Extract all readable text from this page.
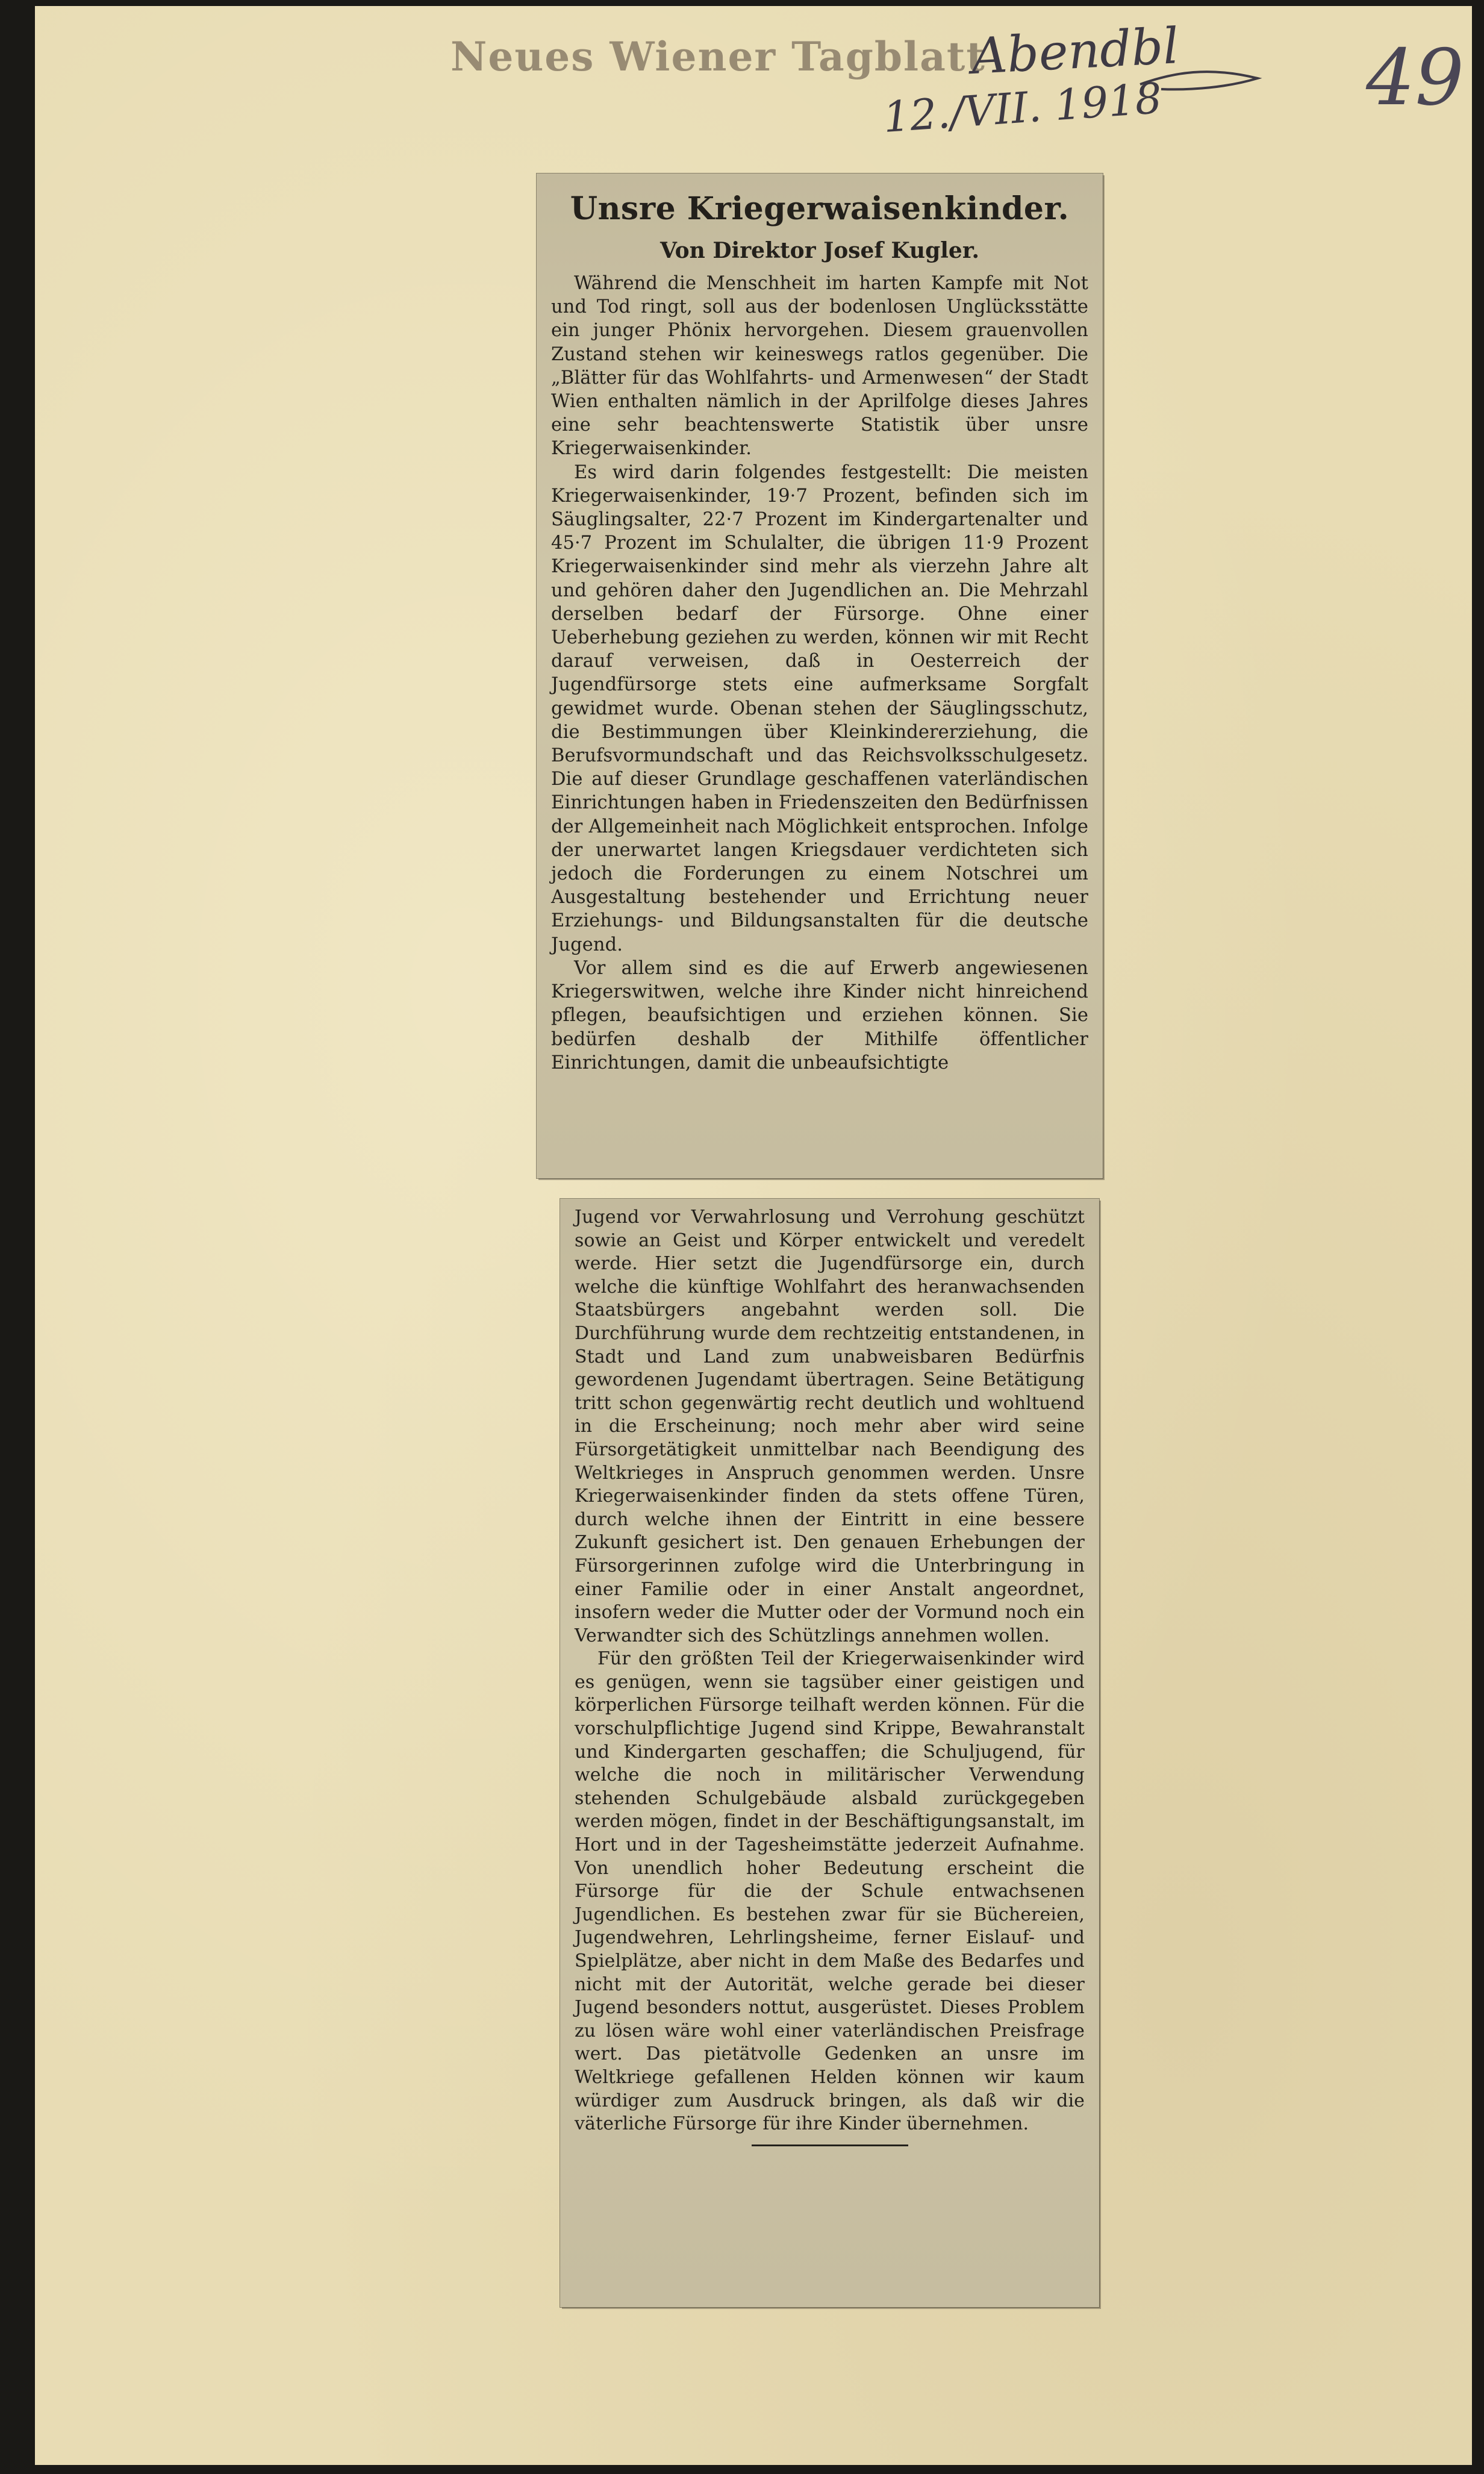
Neues Wiener Tagblatt
Abendbl
12./VII. 1918	49
Unsre Kriegerwaisenkinder.
Von Direktor Josef Kugler.

Während die Menschheit im harten Kampfe mit Not und Tod ringt, soll aus der bodenlosen Unglücksstätte ein junger Phönix hervorgehen. Diesem grauenvollen Zustand stehen wir keineswegs ratlos gegenüber. Die „Blätter für das Wohlfahrts- und Armenwesen“ der Stadt Wien enthalten nämlich in der Aprilfolge dieses Jahres eine sehr beachtenswerte Statistik über unsre Kriegerwaisenkinder.

Es wird darin folgendes festgestellt: Die meisten Kriegerwaisenkinder, 19·7 Prozent, befinden sich im Säuglingsalter, 22·7 Prozent im Kindergartenalter und 45·7 Prozent im Schulalter, die übrigen 11·9 Prozent Kriegerwaisenkinder sind mehr als vierzehn Jahre alt und gehören daher den Jugendlichen an. Die Mehrzahl derselben bedarf der Fürsorge. Ohne einer Ueberhebung geziehen zu werden, können wir mit Recht darauf verweisen, daß in Oesterreich der Jugendfürsorge stets eine aufmerksame Sorgfalt gewidmet wurde. Obenan stehen der Säuglingsschutz, die Bestimmungen über Kleinkindererziehung, die Berufsvormundschaft und das Reichsvolksschulgesetz. Die auf dieser Grundlage geschaffenen vaterländischen Einrichtungen haben in Friedenszeiten den Bedürfnissen der Allgemeinheit nach Möglichkeit entsprochen. Infolge der unerwartet langen Kriegsdauer verdichteten sich jedoch die Forderungen zu einem Notschrei um Ausgestaltung bestehender und Errichtung neuer Erziehungs- und Bildungsanstalten für die deutsche Jugend.

Vor allem sind es die auf Erwerb angewiesenen Kriegerswitwen, welche ihre Kinder nicht hinreichend pflegen, beaufsichtigen und erziehen können. Sie bedürfen deshalb der Mithilfe öffentlicher Einrichtungen, damit die unbeaufsichtigte

Jugend vor Verwahrlosung und Verrohung geschützt sowie an Geist und Körper entwickelt und veredelt werde. Hier setzt die Jugendfürsorge ein, durch welche die künftige Wohlfahrt des heranwachsenden Staatsbürgers angebahnt werden soll. Die Durchführung wurde dem rechtzeitig entstandenen, in Stadt und Land zum unabweisbaren Bedürfnis gewordenen Jugendamt übertragen. Seine Betätigung tritt schon gegenwärtig recht deutlich und wohltuend in die Erscheinung; noch mehr aber wird seine Fürsorgetätigkeit unmittelbar nach Beendigung des Weltkrieges in Anspruch genommen werden. Unsre Kriegerwaisenkinder finden da stets offene Türen, durch welche ihnen der Eintritt in eine bessere Zukunft gesichert ist. Den genauen Erhebungen der Fürsorgerinnen zufolge wird die Unterbringung in einer Familie oder in einer Anstalt angeordnet, insofern weder die Mutter oder der Vormund noch ein Verwandter sich des Schützlings annehmen wollen.

Für den größten Teil der Kriegerwaisenkinder wird es genügen, wenn sie tagsüber einer geistigen und körperlichen Fürsorge teilhaft werden können. Für die vorschulpflichtige Jugend sind Krippe, Bewahranstalt und Kindergarten geschaffen; die Schuljugend, für welche die noch in militärischer Verwendung stehenden Schulgebäude alsbald zurückgegeben werden mögen, findet in der Beschäftigungsanstalt, im Hort und in der Tagesheimstätte jederzeit Aufnahme. Von unendlich hoher Bedeutung erscheint die Fürsorge für die der Schule entwachsenen Jugendlichen. Es bestehen zwar für sie Büchereien, Jugendwehren, Lehrlingsheime, ferner Eislauf- und Spielplätze, aber nicht in dem Maße des Bedarfes und nicht mit der Autorität, welche gerade bei dieser Jugend besonders nottut, ausgerüstet. Dieses Problem zu lösen wäre wohl einer vaterländischen Preisfrage wert. Das pietätvolle Gedenken an unsre im Weltkriege gefallenen Helden können wir kaum würdiger zum Ausdruck bringen, als daß wir die väterliche Fürsorge für ihre Kinder übernehmen.
